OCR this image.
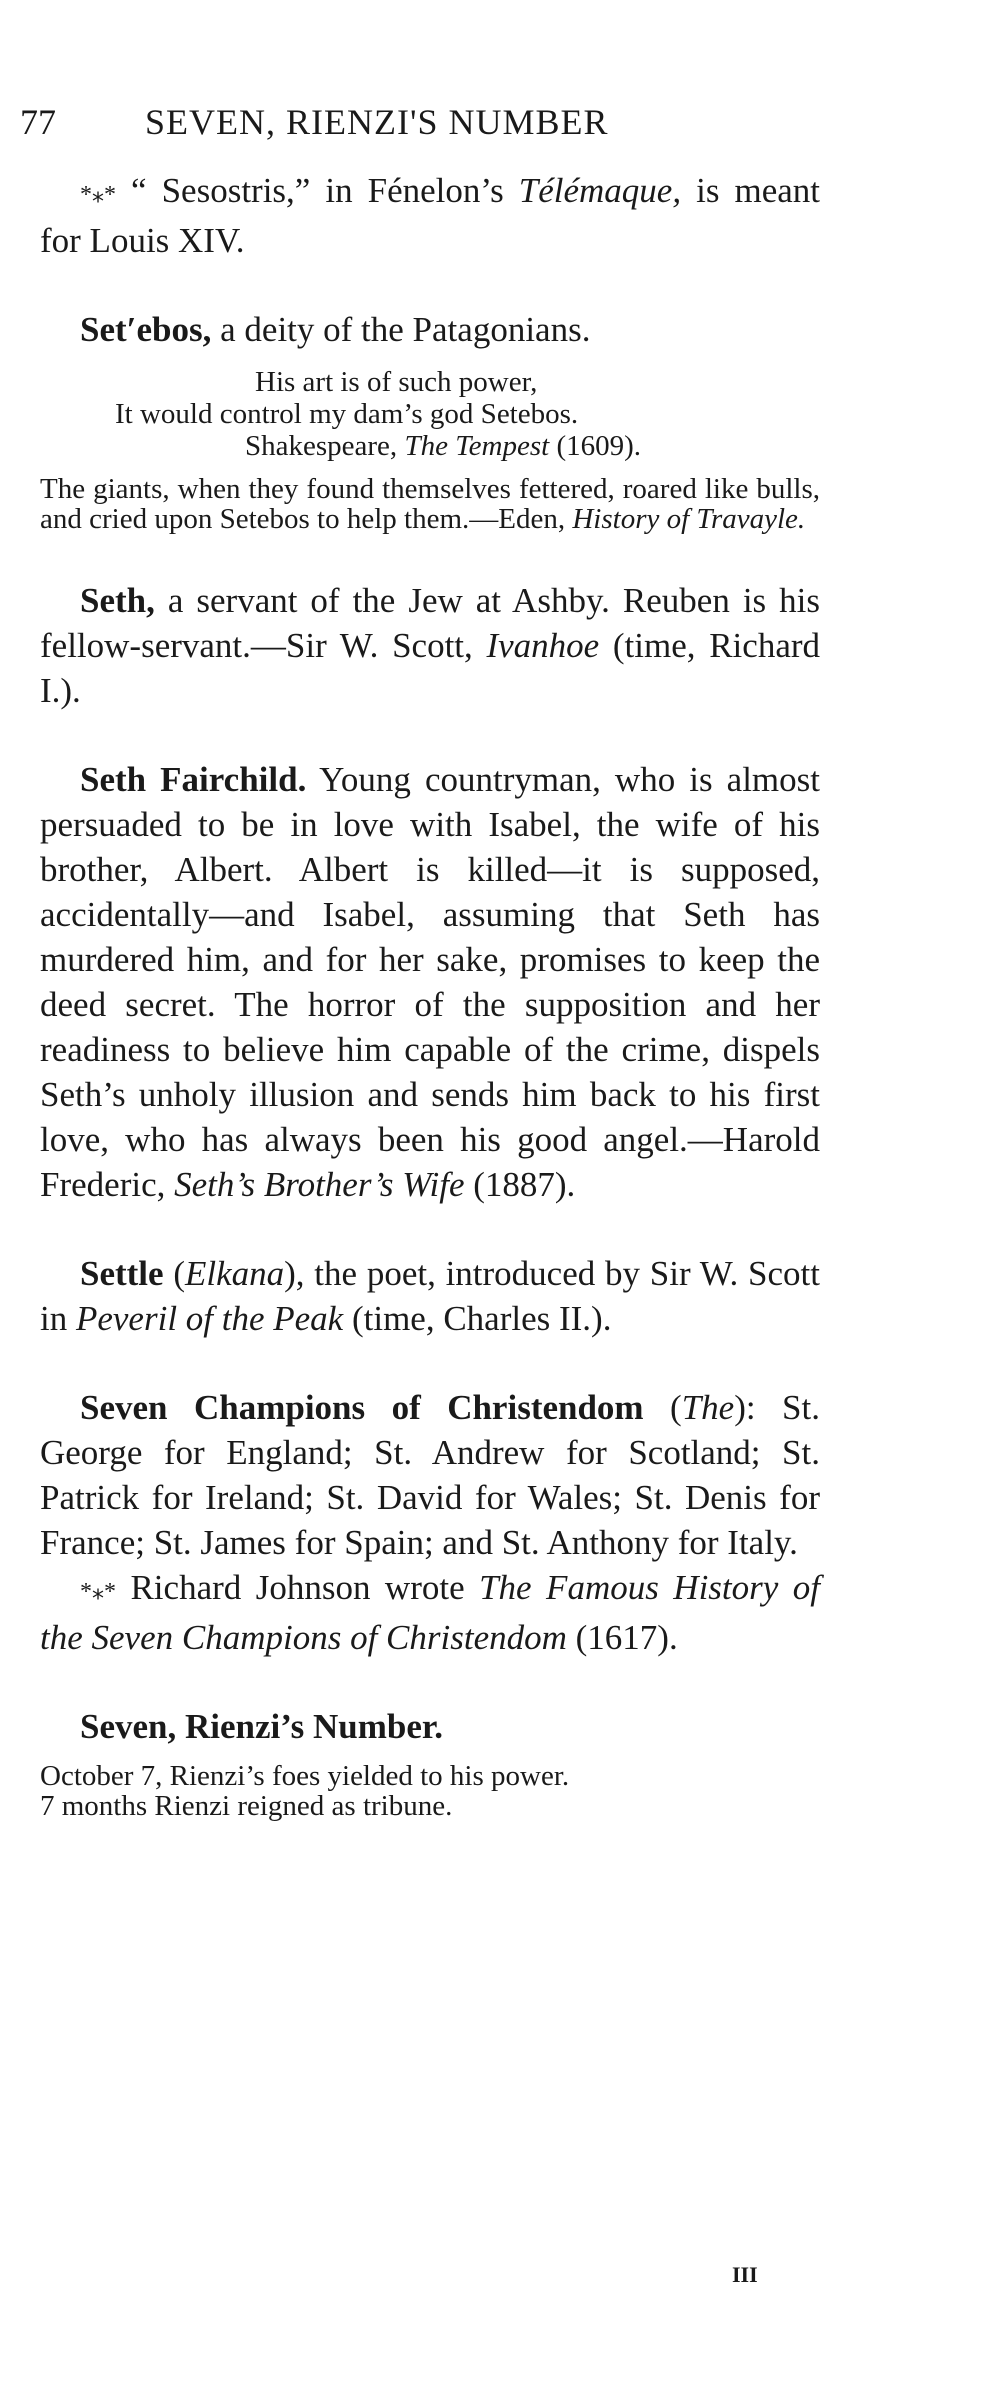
77 SEVEN, RIENZI'S NUMBER

*⁎* “ Sesostris,” in Fénelon’s Télémaque, is meant for Louis XIV.

Set′ebos, a deity of the Patagonians.

His art is of such power,
It would control my dam’s god Setebos.
Shakespeare, The Tempest (1609).

The giants, when they found themselves fettered, roared like bulls, and cried upon Setebos to help them.—Eden, History of Travayle.

Seth, a servant of the Jew at Ashby. Reuben is his fellow-servant.—Sir W. Scott, Ivanhoe (time, Richard I.).

Seth Fairchild. Young countryman, who is almost persuaded to be in love with Isabel, the wife of his brother, Albert. Albert is killed—it is supposed, accidentally—and Isabel, assuming that Seth has murdered him, and for her sake, promises to keep the deed secret. The horror of the supposition and her readiness to believe him capable of the crime, dispels Seth’s unholy illusion and sends him back to his first love, who has always been his good angel.—Harold Frederic, Seth’s Brother’s Wife (1887).

Settle (Elkana), the poet, introduced by Sir W. Scott in Peveril of the Peak (time, Charles II.).

Seven Champions of Christendom (The): St. George for England; St. Andrew for Scotland; St. Patrick for Ireland; St. David for Wales; St. Denis for France; St. James for Spain; and St. Anthony for Italy.

*⁎* Richard Johnson wrote The Famous History of the Seven Champions of Christendom (1617).

Seven, Rienzi’s Number.

October 7, Rienzi’s foes yielded to his power.
7 months Rienzi reigned as tribune.
III
